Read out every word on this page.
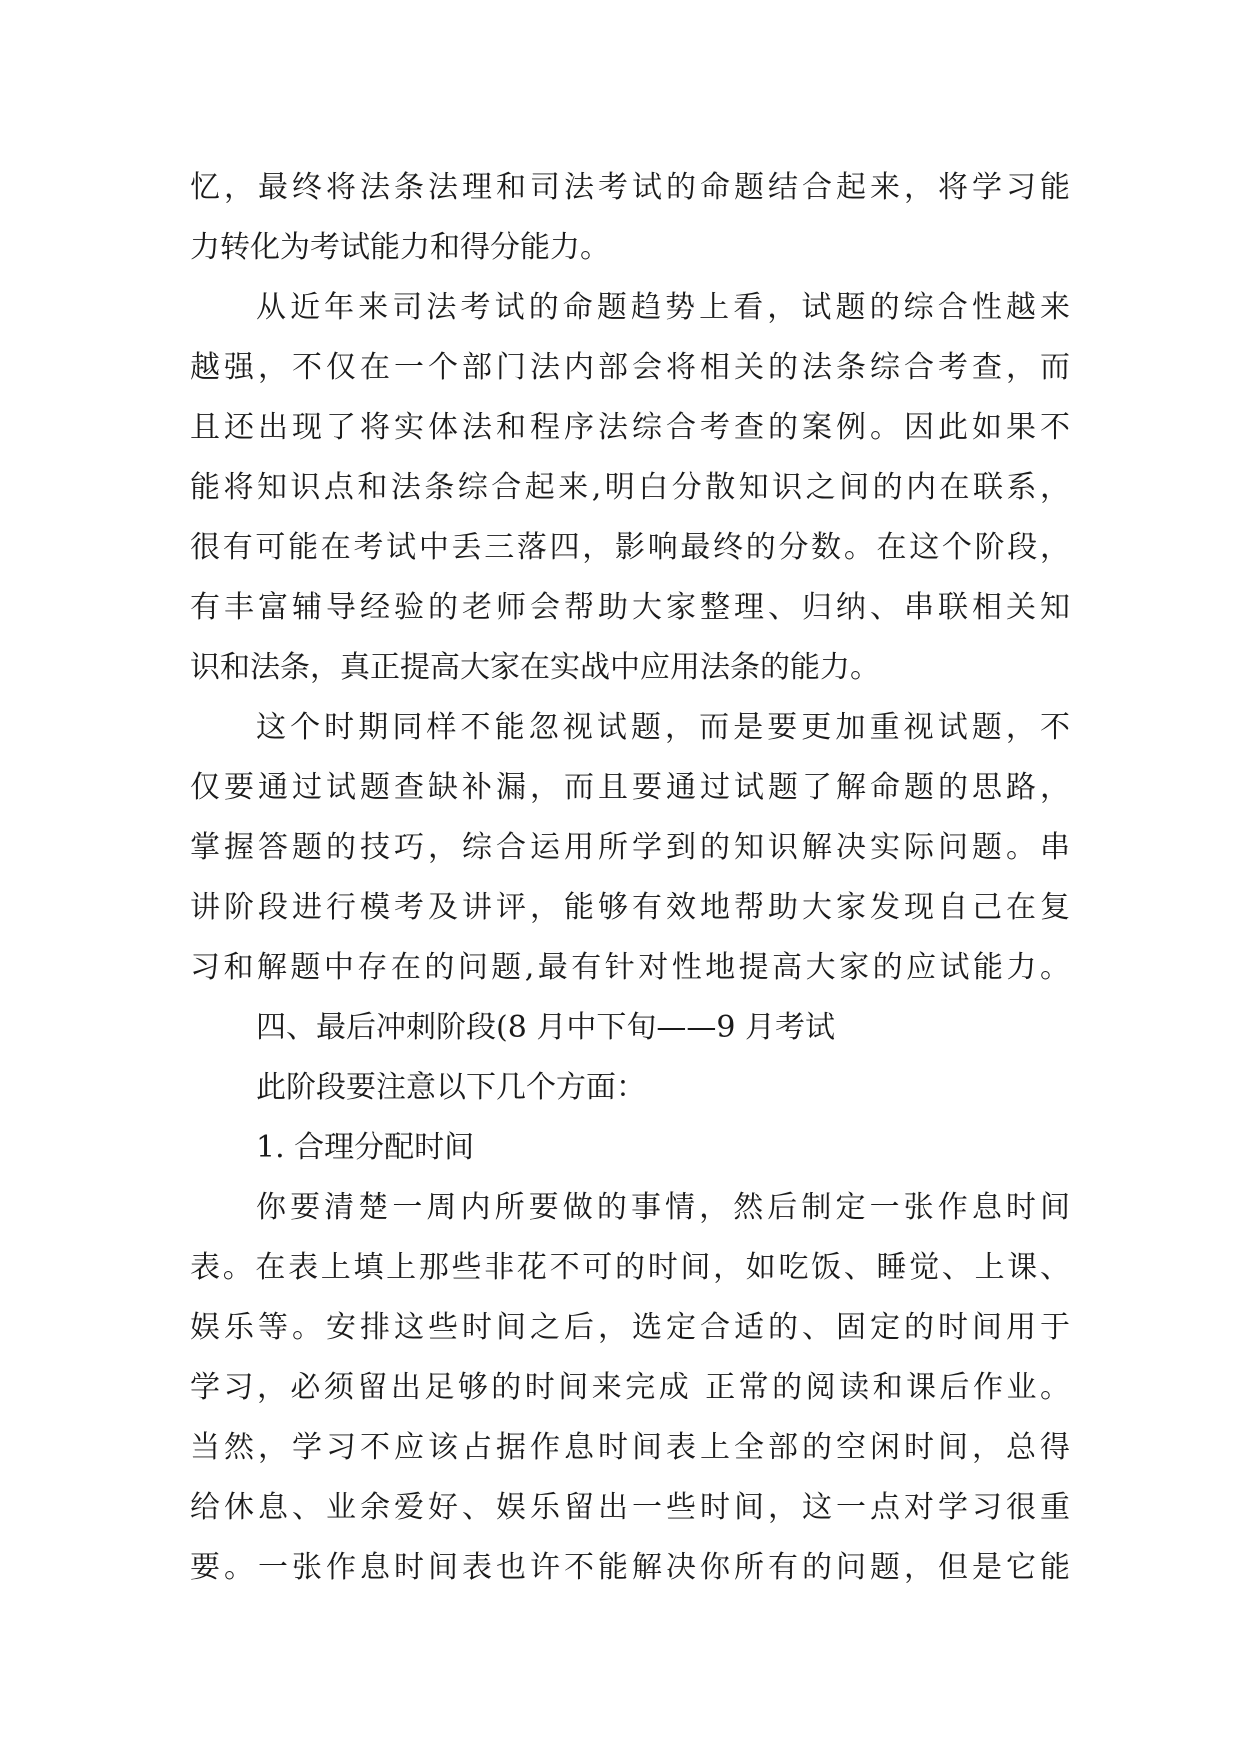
忆，最终将法条法理和司法考试的命题结合起来，将学习能
力转化为考试能力和得分能力。
从近年来司法考试的命题趋势上看，试题的综合性越来
越强，不仅在一个部门法内部会将相关的法条综合考查，而
且还出现了将实体法和程序法综合考查的案例。因此如果不
能将知识点和法条综合起来,明白分散知识之间的内在联系，
很有可能在考试中丢三落四，影响最终的分数。在这个阶段，
有丰富辅导经验的老师会帮助大家整理、归纳、串联相关知
识和法条，真正提高大家在实战中应用法条的能力。
这个时期同样不能忽视试题，而是要更加重视试题，不
仅要通过试题查缺补漏，而且要通过试题了解命题的思路，
掌握答题的技巧，综合运用所学到的知识解决实际问题。串
讲阶段进行模考及讲评，能够有效地帮助大家发现自己在复
习和解题中存在的问题,最有针对性地提高大家的应试能力。
四、最后冲刺阶段(8 月中下旬——9 月考试
此阶段要注意以下几个方面：
1. 合理分配时间
你要清楚一周内所要做的事情，然后制定一张作息时间
表。在表上填上那些非花不可的时间，如吃饭、睡觉、上课、
娱乐等。安排这些时间之后，选定合适的、固定的时间用于
学习，必须留出足够的时间来完成 正常的阅读和课后作业。
当然，学习不应该占据作息时间表上全部的空闲时间，总得
给休息、业余爱好、娱乐留出一些时间，这一点对学习很重
要。一张作息时间表也许不能解决你所有的问题，但是它能
